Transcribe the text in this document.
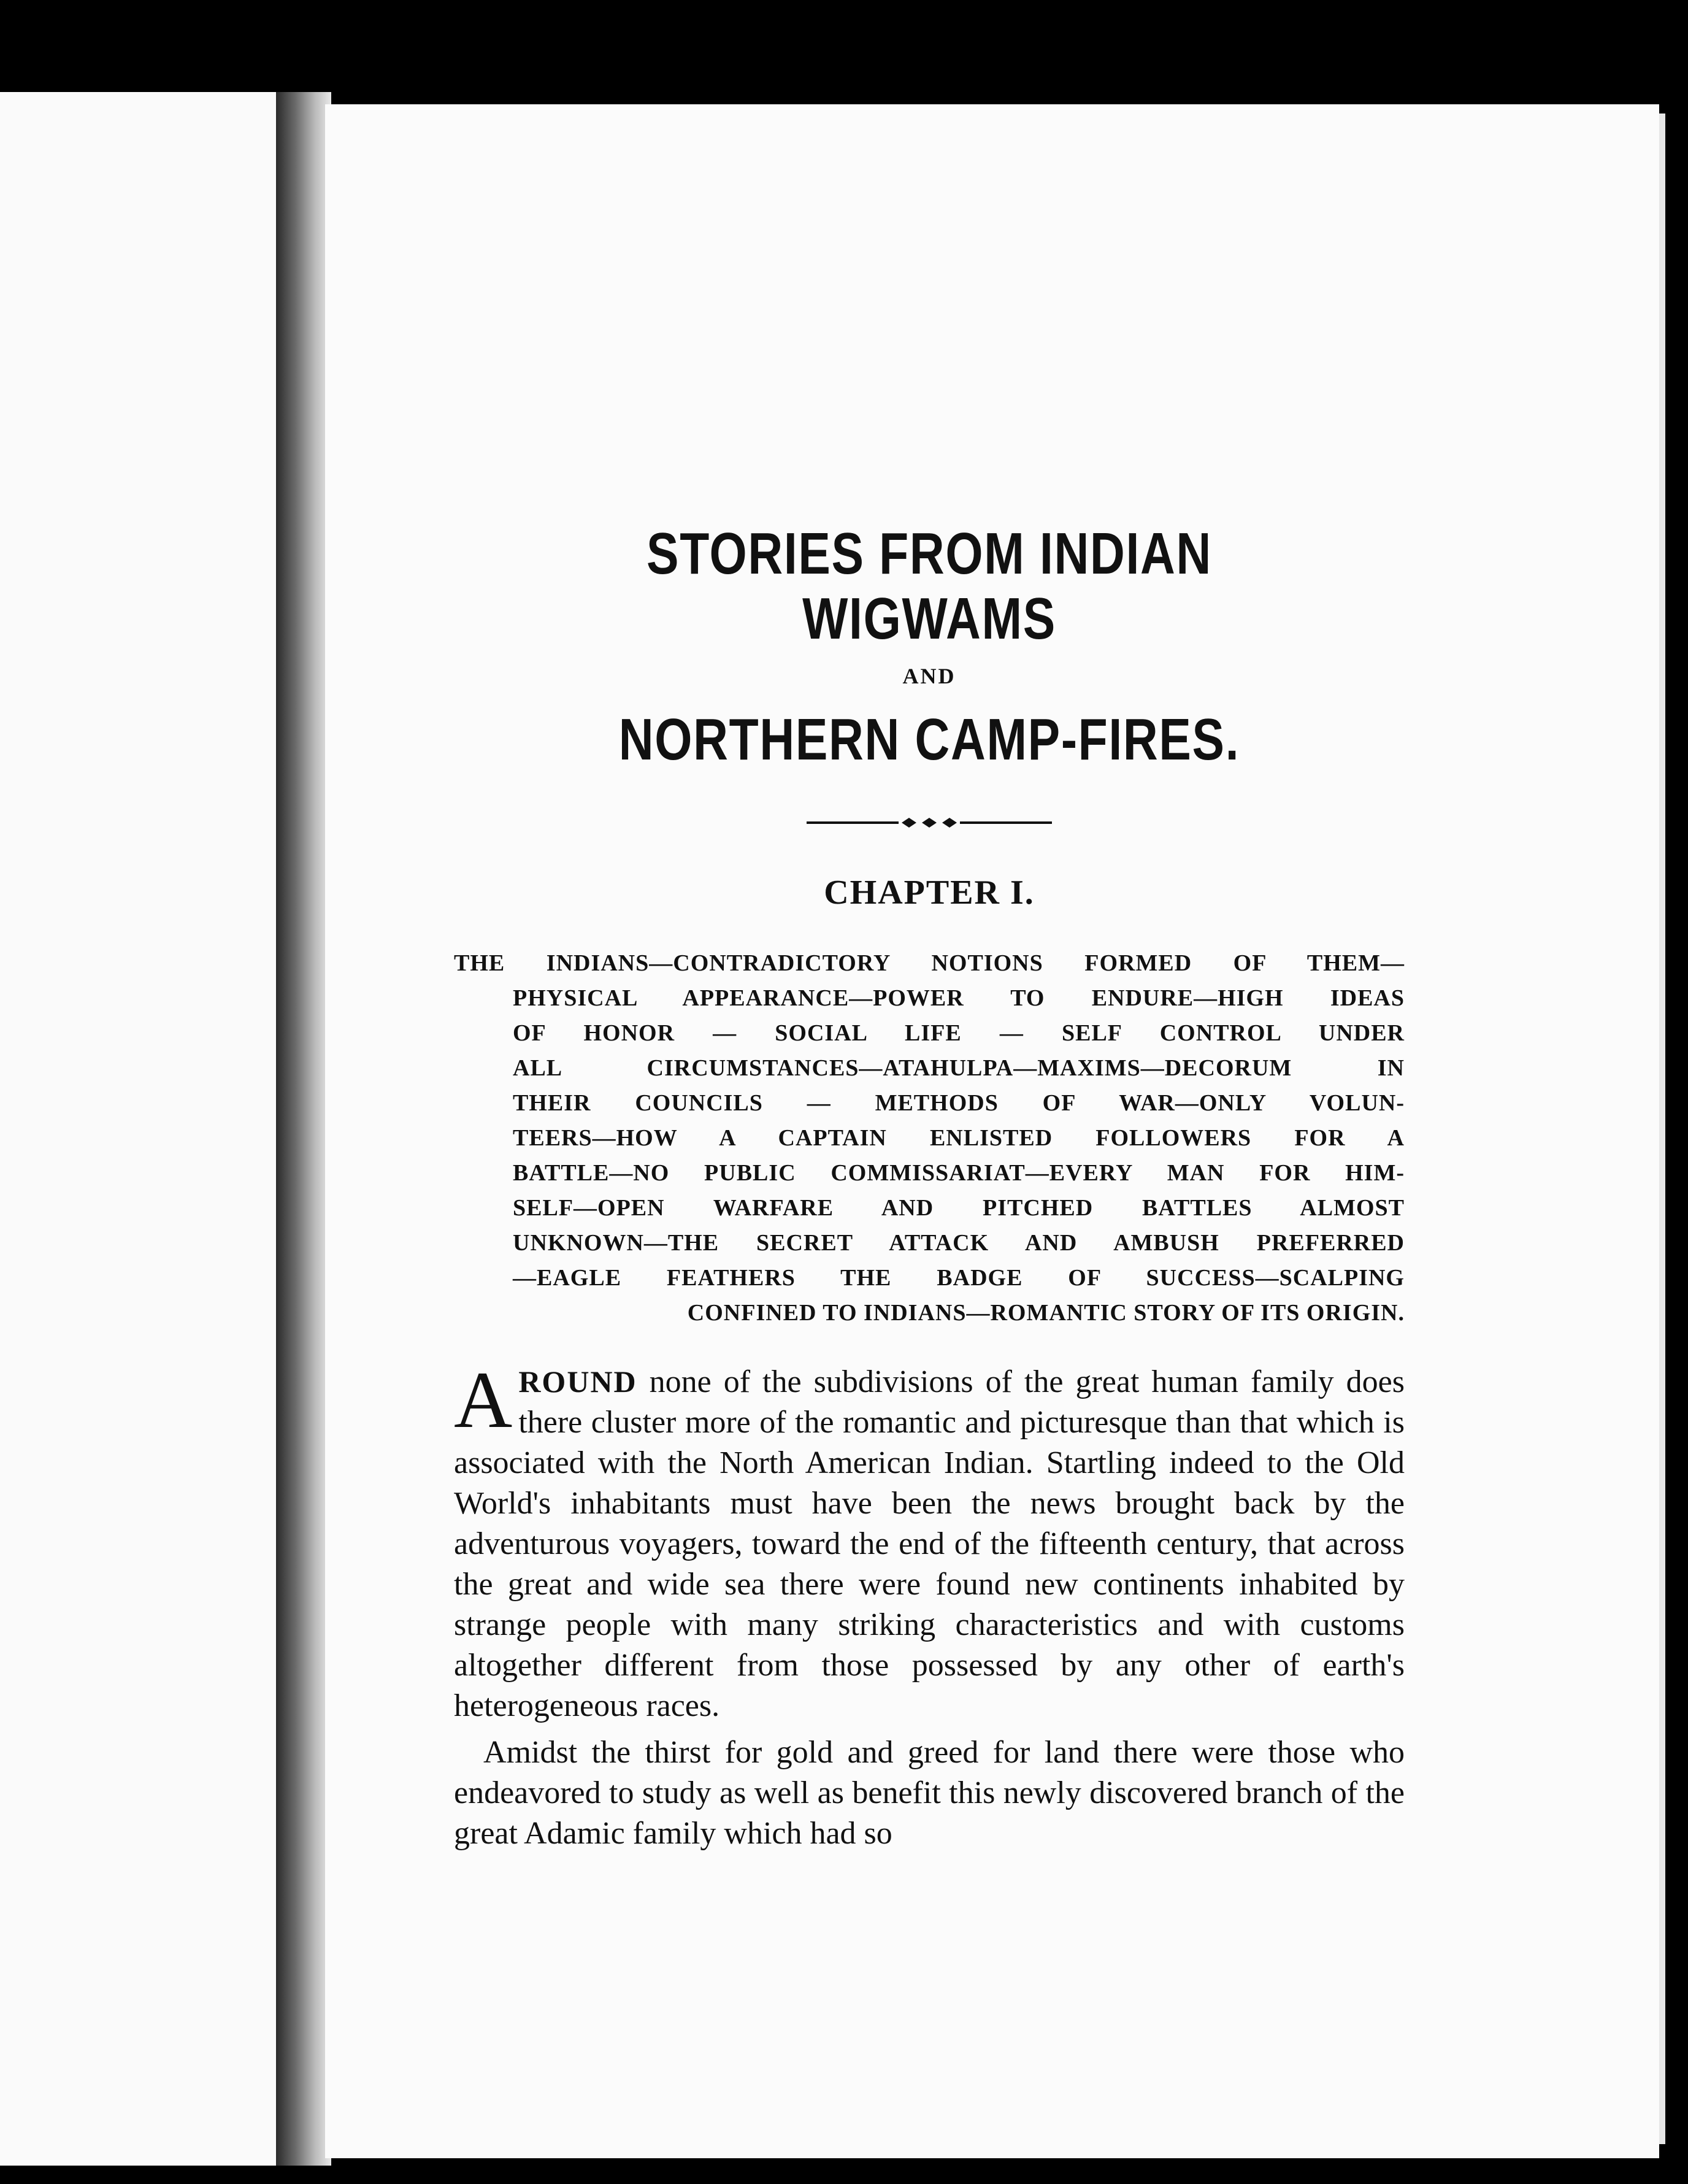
STORIES FROM INDIAN WIGWAMS
AND
NORTHERN CAMP-FIRES.
CHAPTER I.
THE INDIANS—CONTRADICTORY NOTIONS FORMED OF THEM—
PHYSICAL APPEARANCE—POWER TO ENDURE—HIGH IDEAS
OF HONOR — SOCIAL LIFE — SELF CONTROL UNDER
ALL CIRCUMSTANCES—ATAHULPA—MAXIMS—DECORUM IN
THEIR COUNCILS — METHODS OF WAR—ONLY VOLUN-
TEERS—HOW A CAPTAIN ENLISTED FOLLOWERS FOR A
BATTLE—NO PUBLIC COMMISSARIAT—EVERY MAN FOR HIM-
SELF—OPEN WARFARE AND PITCHED BATTLES ALMOST
UNKNOWN—THE SECRET ATTACK AND AMBUSH PREFERRED
—EAGLE FEATHERS THE BADGE OF SUCCESS—SCALPING
CONFINED TO INDIANS—ROMANTIC STORY OF ITS ORIGIN.

AROUND none of the subdivisions of the great human family does there cluster more of the romantic and picturesque than that which is associated with the North American Indian. Startling indeed to the Old World's inhabitants must have been the news brought back by the adventurous voyagers, toward the end of the fifteenth century, that across the great and wide sea there were found new continents inhabited by strange people with many striking characteristics and with customs altogether different from those possessed by any other of earth's heterogeneous races.

Amidst the thirst for gold and greed for land there were those who endeavored to study as well as benefit this newly discovered branch of the great Adamic family which had so
